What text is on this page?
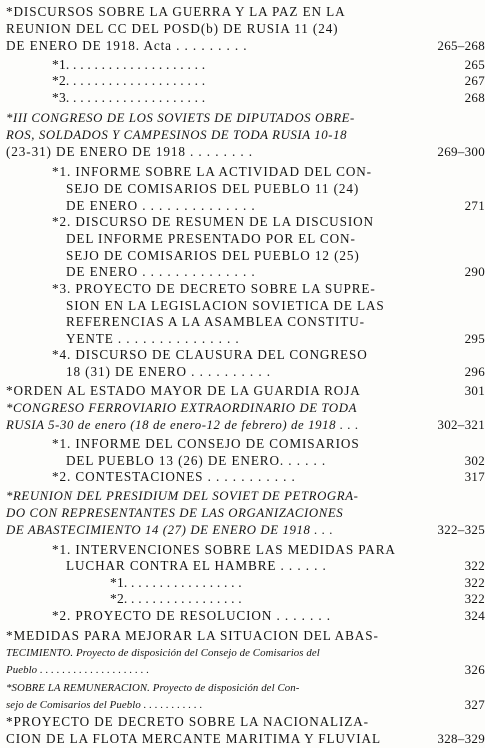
*DISCURSOS SOBRE LA GUERRA Y LA PAZ EN LA
REUNION DEL CC DEL POSD(b) DE RUSIA 11 (24)
DE ENERO DE 1918. Acta . . . . . . . . .	265–268
*1. . . . . . . . . . . . . . . . . . . .	265
*2. . . . . . . . . . . . . . . . . . . .	267
*3. . . . . . . . . . . . . . . . . . . .	268
*III CONGRESO DE LOS SOVIETS DE DIPUTADOS OBRE-
ROS, SOLDADOS Y CAMPESINOS DE TODA RUSIA 10-18
(23-31) DE ENERO DE 1918 . . . . . . . .	269–300
*1. INFORME SOBRE LA ACTIVIDAD DEL CON-
SEJO DE COMISARIOS DEL PUEBLO 11 (24)
DE ENERO . . . . . . . . . . . . . .	271
*2. DISCURSO DE RESUMEN DE LA DISCUSION
DEL INFORME PRESENTADO POR EL CON-
SEJO DE COMISARIOS DEL PUEBLO 12 (25)
DE ENERO . . . . . . . . . . . . . .	290
*3. PROYECTO DE DECRETO SOBRE LA SUPRE-
SION EN LA LEGISLACION SOVIETICA DE LAS
REFERENCIAS A LA ASAMBLEA CONSTITU-
YENTE . . . . . . . . . . . . . . .	295
*4. DISCURSO DE CLAUSURA DEL CONGRESO
18 (31) DE ENERO . . . . . . . . . .	296
*ORDEN AL ESTADO MAYOR DE LA GUARDIA ROJA	301
*CONGRESO FERROVIARIO EXTRAORDINARIO DE TODA
RUSIA 5-30 de enero (18 de enero-12 de febrero) de 1918 . . .	302–321
*1. INFORME DEL CONSEJO DE COMISARIOS
DEL PUEBLO 13 (26) DE ENERO. . . . . .	302
*2. CONTESTACIONES . . . . . . . . . . .	317
*REUNION DEL PRESIDIUM DEL SOVIET DE PETROGRA-
DO CON REPRESENTANTES DE LAS ORGANIZACIONES
DE ABASTECIMIENTO 14 (27) DE ENERO DE 1918 . . .	322–325
*1. INTERVENCIONES SOBRE LAS MEDIDAS PARA
LUCHAR CONTRA EL HAMBRE . . . . . .	322
*1. . . . . . . . . . . . . . . . .	322
*2. . . . . . . . . . . . . . . . .	322
*2. PROYECTO DE RESOLUCION . . . . . . .	324
*MEDIDAS PARA MEJORAR LA SITUACION DEL ABAS-
TECIMIENTO. Proyecto de disposición del Consejo de Comisarios del
Pueblo . . . . . . . . . . . . . . . . . . . .	326
*SOBRE LA REMUNERACION. Proyecto de disposición del Con-
sejo de Comisarios del Pueblo . . . . . . . . . . .	327
*PROYECTO DE DECRETO SOBRE LA NACIONALIZA-
CION DE LA FLOTA MERCANTE MARITIMA Y FLUVIAL	328–329
